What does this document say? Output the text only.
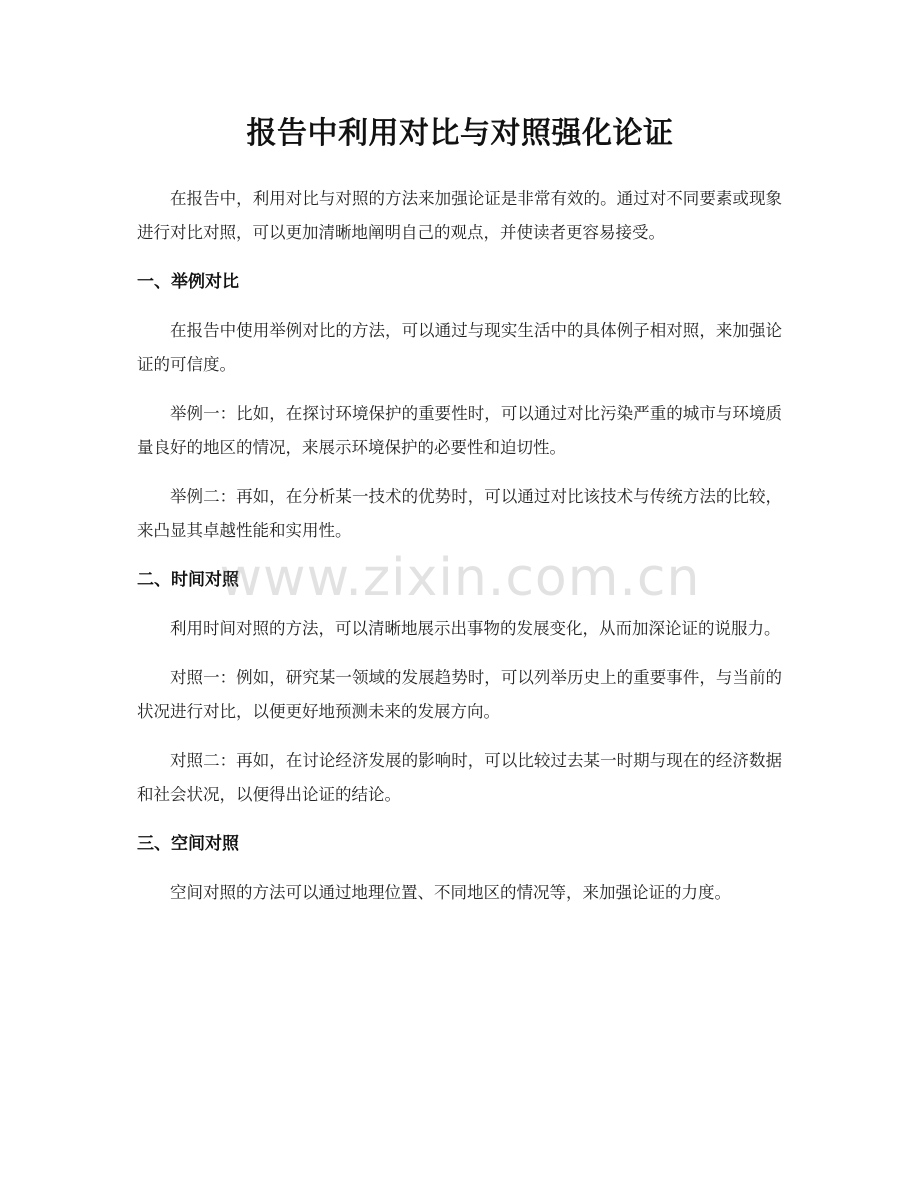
报告中利用对比与对照强化论证

在报告中，利用对比与对照的方法来加强论证是非常有效的。通过对不同要素或现象进行对比对照，可以更加清晰地阐明自己的观点，并使读者更容易接受。

一、举例对比

在报告中使用举例对比的方法，可以通过与现实生活中的具体例子相对照，来加强论证的可信度。

举例一：比如，在探讨环境保护的重要性时，可以通过对比污染严重的城市与环境质量良好的地区的情况，来展示环境保护的必要性和迫切性。

举例二：再如，在分析某一技术的优势时，可以通过对比该技术与传统方法的比较，来凸显其卓越性能和实用性。

二、时间对照

利用时间对照的方法，可以清晰地展示出事物的发展变化，从而加深论证的说服力。

对照一：例如，研究某一领域的发展趋势时，可以列举历史上的重要事件，与当前的状况进行对比，以便更好地预测未来的发展方向。

对照二：再如，在讨论经济发展的影响时，可以比较过去某一时期与现在的经济数据和社会状况，以便得出论证的结论。

三、空间对照

空间对照的方法可以通过地理位置、不同地区的情况等，来加强论证的力度。

www.zixin.com.cn
